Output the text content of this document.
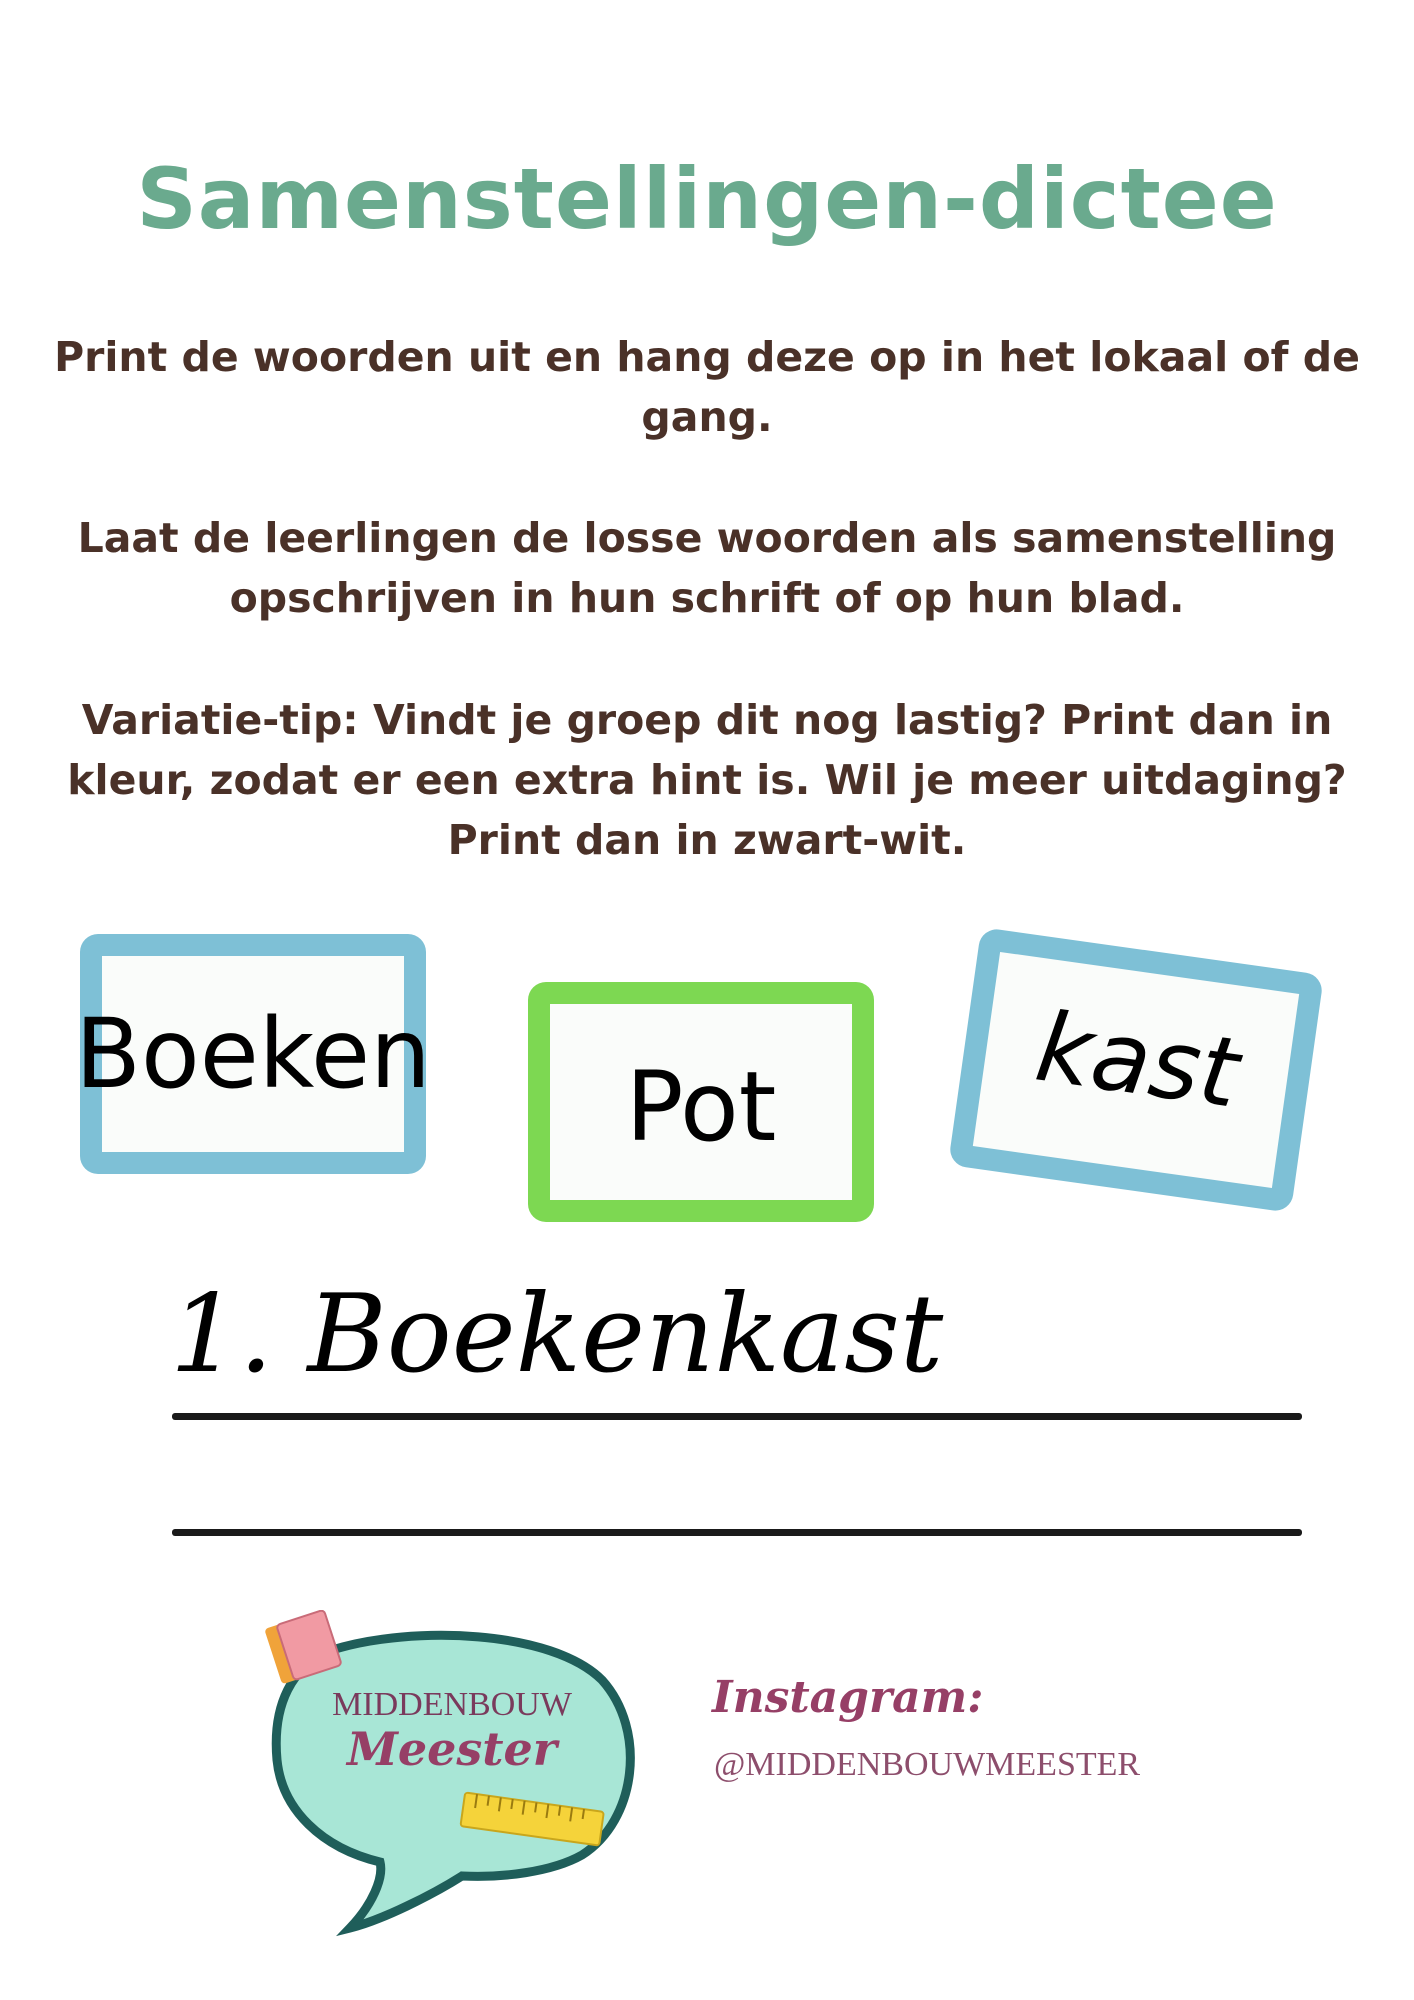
Samenstellingen-dictee
Print de woorden uit en hang deze op in het lokaal of de gang.
Laat de leerlingen de losse woorden als samenstelling opschrijven in hun schrift of op hun blad.
Variatie-tip: Vindt je groep dit nog lastig? Print dan in kleur, zodat er een extra hint is. Wil je meer uitdaging? Print dan in zwart-wit.
Boeken Pot	kast
1. Boekenkast
MIDDENBOUW
Meester
Instagram:
@MIDDENBOUWMEESTER
